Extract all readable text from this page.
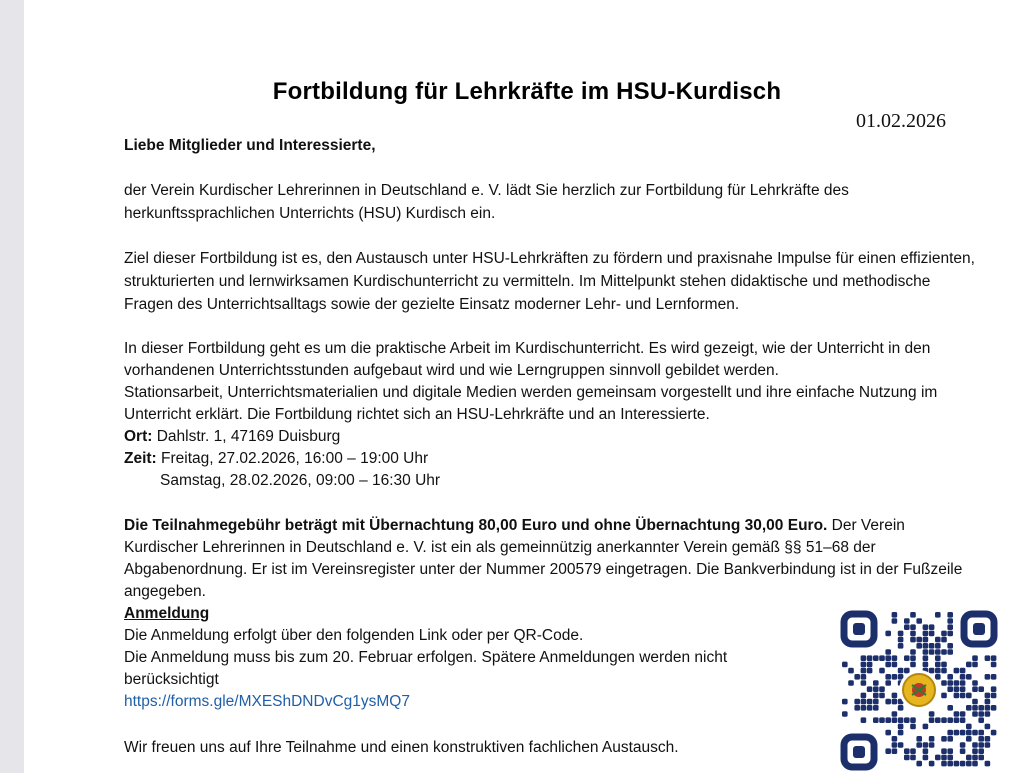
Fortbildung für Lehrkräfte im HSU-Kurdisch
01.02.2026
Liebe Mitglieder und Interessierte,
der Verein Kurdischer Lehrerinnen in Deutschland e. V. lädt Sie herzlich zur Fortbildung für Lehrkräfte des
herkunftssprachlichen Unterrichts (HSU) Kurdisch ein.
Ziel dieser Fortbildung ist es, den Austausch unter HSU-Lehrkräften zu fördern und praxisnahe Impulse für einen effizienten,
strukturierten und lernwirksamen Kurdischunterricht zu vermitteln. Im Mittelpunkt stehen didaktische und methodische
Fragen des Unterrichtsalltags sowie der gezielte Einsatz moderner Lehr- und Lernformen.
In dieser Fortbildung geht es um die praktische Arbeit im Kurdischunterricht. Es wird gezeigt, wie der Unterricht in den
vorhandenen Unterrichtsstunden aufgebaut wird und wie Lerngruppen sinnvoll gebildet werden.
Stationsarbeit, Unterrichtsmaterialien und digitale Medien werden gemeinsam vorgestellt und ihre einfache Nutzung im
Unterricht erklärt. Die Fortbildung richtet sich an HSU-Lehrkräfte und an Interessierte.
Ort: Dahlstr. 1, 47169 Duisburg
Zeit: Freitag, 27.02.2026, 16:00 – 19:00 Uhr
Samstag, 28.02.2026, 09:00 – 16:30 Uhr
Die Teilnahmegebühr beträgt mit Übernachtung 80,00 Euro und ohne Übernachtung 30,00 Euro. Der Verein
Kurdischer Lehrerinnen in Deutschland e. V. ist ein als gemeinnützig anerkannter Verein gemäß §§ 51–68 der
Abgabenordnung. Er ist im Vereinsregister unter der Nummer 200579 eingetragen. Die Bankverbindung ist in der Fußzeile
angegeben.
Anmeldung
Die Anmeldung erfolgt über den folgenden Link oder per QR-Code.
Die Anmeldung muss bis zum 20. Februar erfolgen. Spätere Anmeldungen werden nicht
berücksichtigt
https://forms.gle/MXEShDNDvCg1ysMQ7
Wir freuen uns auf Ihre Teilnahme und einen konstruktiven fachlichen Austausch.
